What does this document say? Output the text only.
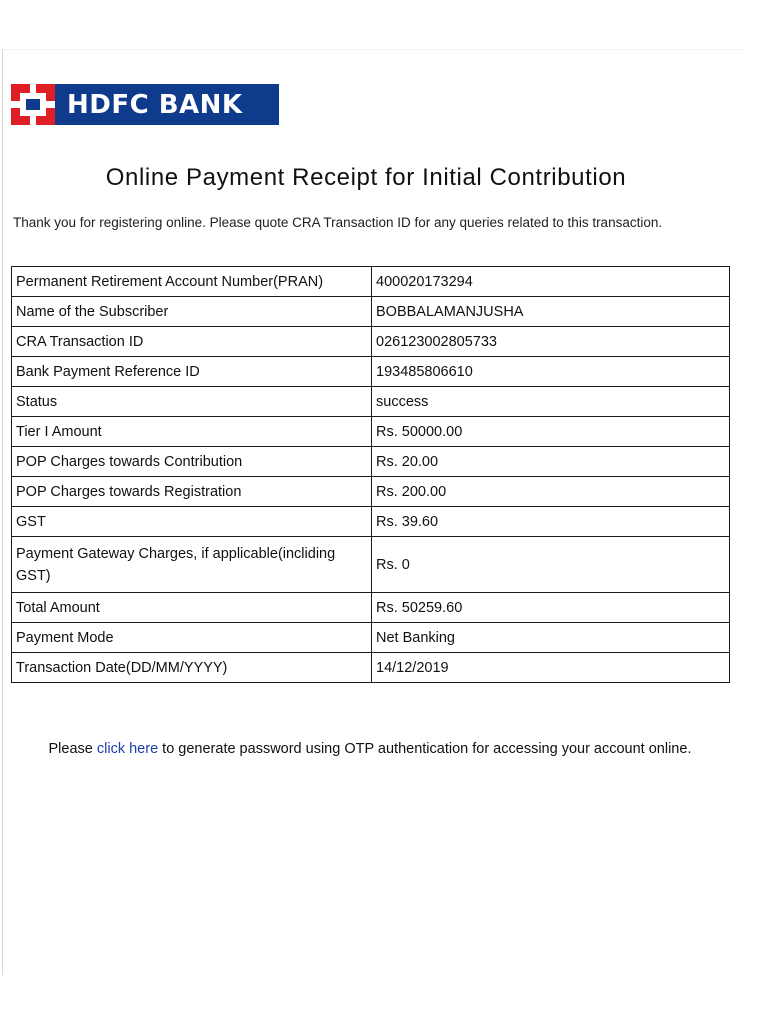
HDFC BANK
Online Payment Receipt for Initial Contribution
Thank you for registering online. Please quote CRA Transaction ID for any queries related to this transaction.
Permanent Retirement Account Number(PRAN)	400020173294
Name of the Subscriber	BOBBALAMANJUSHA
CRA Transaction ID	026123002805733
Bank Payment Reference ID	193485806610
Status	success
Tier I Amount	Rs. 50000.00
POP Charges towards Contribution	Rs. 20.00
POP Charges towards Registration	Rs. 200.00
GST	Rs. 39.60
Payment Gateway Charges, if applicable(incliding GST)	Rs. 0
Total Amount	Rs. 50259.60
Payment Mode	Net Banking
Transaction Date(DD/MM/YYYY)	14/12/2019
Please click here to generate password using OTP authentication for accessing your account online.
